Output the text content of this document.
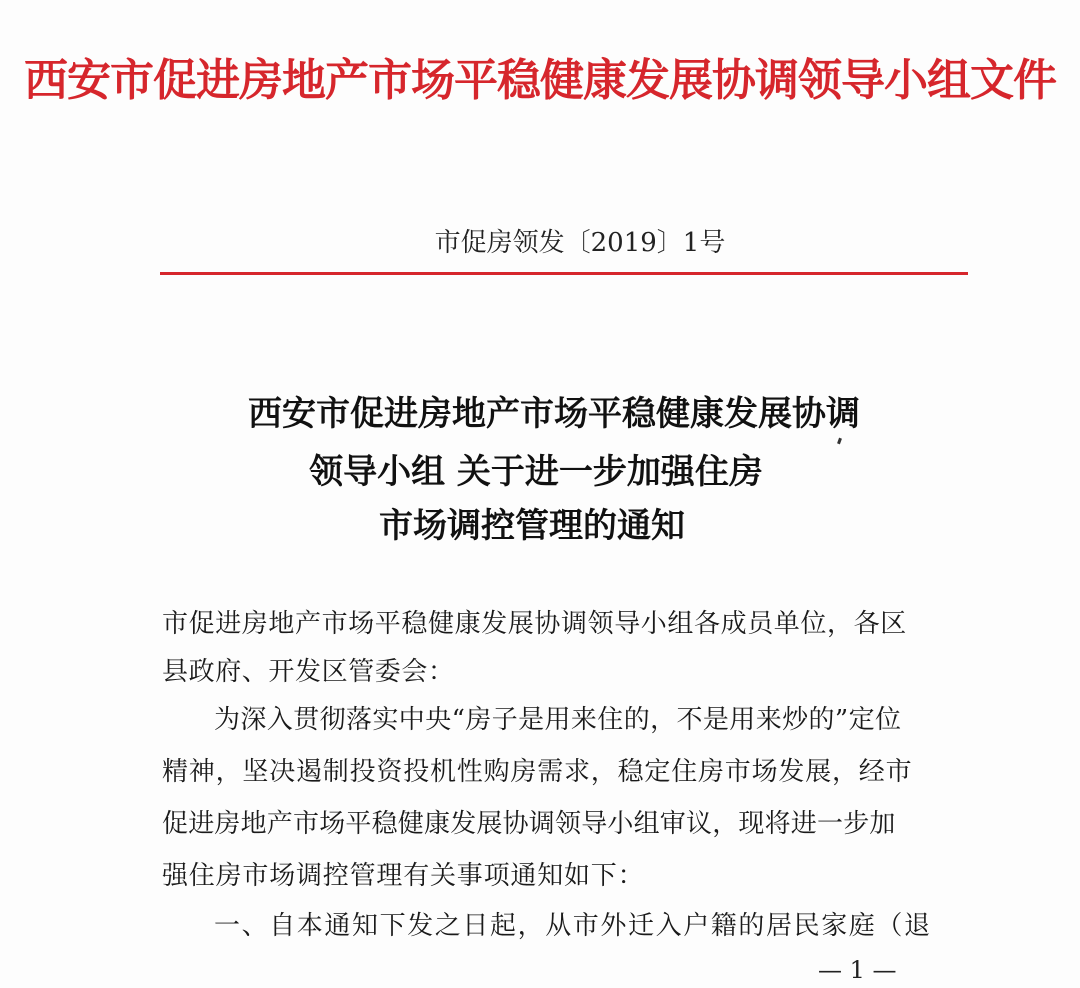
西安市促进房地产市场平稳健康发展协调领导小组文件
市促房领发〔2019〕1号
西安市促进房地产市场平稳健康发展协调
领导小组 关于进一步加强住房
市场调控管理的通知
市促进房地产市场平稳健康发展协调领导小组各成员单位，各区
县政府、开发区管委会：
为深入贯彻落实中央“房子是用来住的，不是用来炒的”定位
精神，坚决遏制投资投机性购房需求，稳定住房市场发展，经市
促进房地产市场平稳健康发展协调领导小组审议，现将进一步加
强住房市场调控管理有关事项通知如下：
一、自本通知下发之日起，从市外迁入户籍的居民家庭（退
— 1 —
